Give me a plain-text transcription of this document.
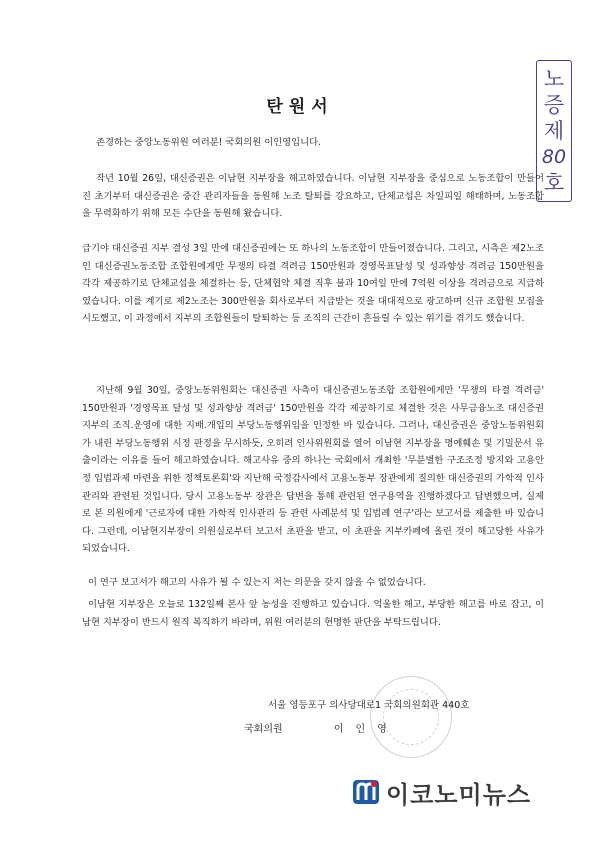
탄원서
노
증
제
80
호
존경하는 중앙노동위원 여러분! 국회의원 이인영입니다.
작년 10월 26일, 대신증권은 이남현 지부장을 해고하였습니다. 이남현 지부장을 중심으로 노동조합이 만들어진 초기부터 대신증권은 중간 관리자들을 동원해 노조 탈퇴를 강요하고, 단체교섭은 차일피일 해태하며, 노동조합을 무력화하기 위해 모든 수단을 동원해 왔습니다.
급기야 대신증권 지부 결성 3일 만에 대신증권에는 또 하나의 노동조합이 만들어졌습니다. 그리고, 시측은 제2노조인 대신증권노동조합 조합원에게만 무쟁의 타결 격려금 150만원과 경영목표달성 및 성과향상 격려금 150만원을 각각 제공하기로 단체교섭을 체결하는 등, 단체협약 체결 직후 불과 10여일 만에 7억원 이상을 격려금으로 지급하였습니다. 이를 계기로 제2노조는 300만원을 회사로부터 지급받는 것을 대대적으로 광고하며 신규 조합원 모집을 시도했고, 이 과정에서 지부의 조합원들이 탈퇴하는 등 조직의 근간이 흔들릴 수 있는 위기를 겪기도 했습니다.
지난해 9월 30일, 중앙노동위원회는 대신증권 사측이 대신증권노동조합 조합원에게만 '무쟁의 타결 격려금' 150만원과 '경영목표 달성 및 성과향상 격려금' 150만원을 각각 제공하기로 체결한 것은 사무금융노조 대신증권지부의 조직.운영에 대한 지배.개입의 부당노동행위임을 인정한 바 있습니다. 그러나, 대신증권은 중앙노동위원회가 내린 부당노동행위 시정 판정을 무시하듯, 오히려 인사위원회를 열어 이남현 지부장을 명예훼손 및 기밀문서 유출이라는 이유를 들어 해고하였습니다. 해고사유 중의 하나는 국회에서 개최한 '무분별한 구조조정 방지와 고용안정 입법과제 마련을 위한 정책토론회'와 지난해 국정감사에서 고용노동부 장관에게 질의한 대신증권의 가학적 인사관리와 관련된 것입니다. 당시 고용노동부 장관은 답변을 통해 관련된 연구용역을 진행하겠다고 답변했으며, 실제로 본 의원에게 '근로자에 대한 가학적 인사관리 등 관련 사례분석 및 입법례 연구'라는 보고서를 제출한 바 있습니다. 그런데, 이남현지부장이 의원실로부터 보고서 초판을 받고, 이 초판을 지부카페에 올린 것이 해고당한 사유가 되었습니다.
이 연구 보고서가 해고의 사유가 될 수 있는지 저는 의문을 갖지 않을 수 없었습니다.
이남현 지부장은 오늘로 132일째 본사 앞 농성을 진행하고 있습니다. 억울한 해고, 부당한 해고를 바로 잡고, 이남현 지부장이 반드시 원직 복직하기 바라며, 위원 여러분의 현명한 판단을 부탁드립니다.
서울 영등포구 의사당대로1 국회의원회관 440호
국회의원	이인영
이코노미뉴스
